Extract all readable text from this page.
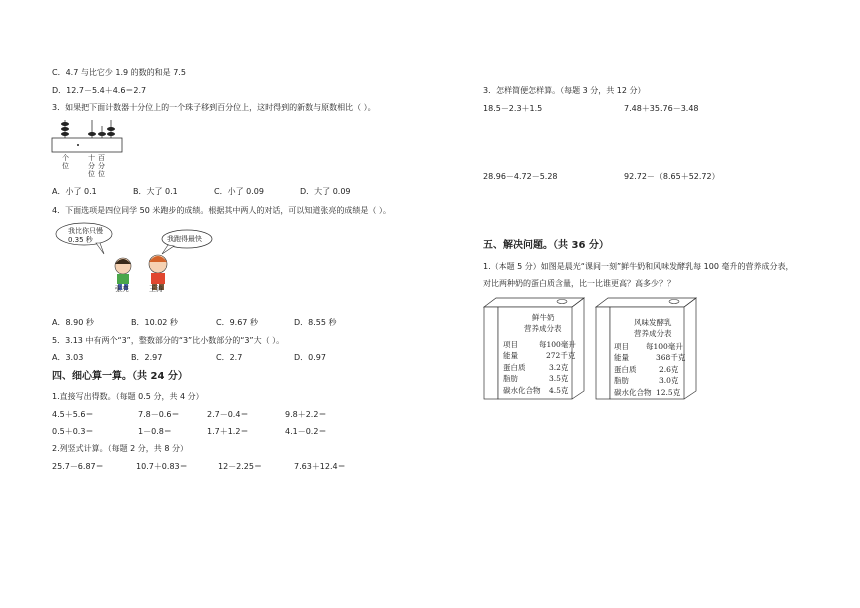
C．4.7 与比它少 1.9 的数的和是 7.5
D．12.7－5.4＋4.6＝2.7
3．如果把下面计数器十分位上的一个珠子移到百分位上，这时得到的新数与原数相比（ ）。
个位
十分位
百分位
A．小了 0.1	B．大了 0.1	C．小了 0.09	D．大了 0.09
4．下面选项是四位同学 50 米跑步的成绩。根据其中两人的对话，可以知道张亮的成绩是（ ）。
我比你只慢0.35 秒	我跑得最快
张亮	王涛
A．8.90 秒	B．10.02 秒	C．9.67 秒	D．8.55 秒
5．3.13 中有两个“3”，整数部分的“3”比小数部分的“3”大（ ）。
A．3.03	B．2.97	C．2.7	D．0.97
四、细心算一算。（共 24 分）
1.直接写出得数。（每题 0.5 分，共 4 分）
4.5＋5.6＝	7.8－0.6＝	2.7－0.4＝	9.8＋2.2＝
0.5＋0.3＝	1－0.8＝	1.7＋1.2＝	4.1－0.2＝
2.列竖式计算。（每题 2 分，共 8 分）
25.7－6.87＝	10.7＋0.83＝	12－2.25＝	7.63＋12.4＝
3．怎样简便怎样算。（每题 3 分，共 12 分）
18.5－2.3＋1.5	7.48＋35.76－3.48
28.96－4.72－5.28	92.72－（8.65＋52.72）
五、解决问题。（共 36 分）
1.（本题 5 分）如图是晨光“课间一刻”鲜牛奶和风味发酵乳每 100 毫升的营养成分表，
对比两种奶的蛋白质含量，比一比谁更高？高多少？？
鲜牛奶
营养成分表
项目	每100毫升
能量	272千克
蛋白质	3.2克
脂肪	3.5克
碳水化合物 4.5克
风味发酵乳
营养成分表
项目 每100毫升
能量	368千克
蛋白质	2.6克
脂肪	3.0克
碳水化合物 12.5克
